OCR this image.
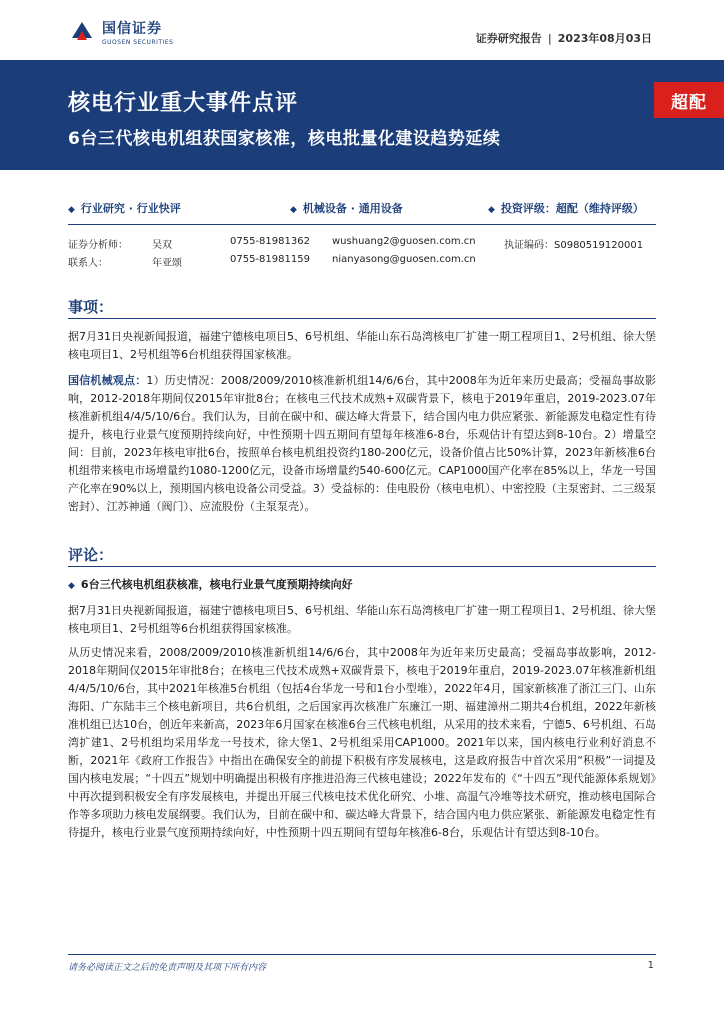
国信证券
GUOSEN SECURITIES	证券研究报告 | 2023年08月03日
核电行业重大事件点评
6台三代核电机组获国家核准，核电批量化建设趋势延续
超配
◆ 行业研究 · 行业快评	◆ 机械设备 · 通用设备	◆ 投资评级：超配（维持评级）
证券分析师： 吴双	0755-81981362 wushuang2@guosen.com.cn	执证编码：S0980519120001
联系人：	年亚颂	0755-81981159 nianyasong@guosen.com.cn
事项：
据7月31日央视新闻报道，福建宁德核电项目5、6号机组、华能山东石岛湾核电厂扩建一期工程项目1、2号机组、徐大堡核电项目1、2号机组等6台机组获得国家核准。
国信机械观点：1）历史情况：2008/2009/2010核准新机组14/6/6台，其中2008年为近年来历史最高；受福岛事故影响，2012-2018年期间仅2015年审批8台；在核电三代技术成熟+双碳背景下，核电于2019年重启，2019-2023.07年核准新机组4/4/5/10/6台。我们认为，目前在碳中和、碳达峰大背景下，结合国内电力供应紧张、新能源发电稳定性有待提升，核电行业景气度预期持续向好，中性预期十四五期间有望每年核准6-8台，乐观估计有望达到8-10台。2）增量空间：目前，2023年核电审批6台，按照单台核电机组投资约180-200亿元，设备价值占比50%计算，2023年新核准6台机组带来核电市场增量约1080-1200亿元，设备市场增量约540-600亿元。CAP1000国产化率在85%以上，华龙一号国产化率在90%以上，预期国内核电设备公司受益。3）受益标的：佳电股份（核电电机）、中密控股（主泵密封、二三级泵密封）、江苏神通（阀门）、应流股份（主泵泵壳）。
评论：
◆ 6台三代核电机组获核准，核电行业景气度预期持续向好
据7月31日央视新闻报道，福建宁德核电项目5、6号机组、华能山东石岛湾核电厂扩建一期工程项目1、2号机组、徐大堡核电项目1、2号机组等6台机组获得国家核准。
从历史情况来看，2008/2009/2010核准新机组14/6/6台，其中2008年为近年来历史最高；受福岛事故影响，2012-2018年期间仅2015年审批8台；在核电三代技术成熟+双碳背景下，核电于2019年重启，2019-2023.07年核准新机组4/4/5/10/6台，其中2021年核准5台机组（包括4台华龙一号和1台小型堆），2022年4月，国家新核准了浙江三门、山东海阳、广东陆丰三个核电新项目，共6台机组，之后国家再次核准广东廉江一期、福建漳州二期共4台机组，2022年新核准机组已达10台，创近年来新高，2023年6月国家在核准6台三代核电机组，从采用的技术来看，宁德5、6号机组、石岛湾扩建1、2号机组均采用华龙一号技术，徐大堡1、2号机组采用CAP1000。2021年以来，国内核电行业利好消息不断，2021年《政府工作报告》中指出在确保安全的前提下积极有序发展核电，这是政府报告中首次采用“积极”一词提及国内核电发展；“十四五”规划中明确提出积极有序推进沿海三代核电建设；2022年发布的《“十四五”现代能源体系规划》中再次提到积极安全有序发展核电，并提出开展三代核电技术优化研究、小堆、高温气冷堆等技术研究，推动核电国际合作等多项助力核电发展纲要。我们认为，目前在碳中和、碳达峰大背景下，结合国内电力供应紧张、新能源发电稳定性有待提升，核电行业景气度预期持续向好，中性预期十四五期间有望每年核准6-8台，乐观估计有望达到8-10台。
请务必阅读正文之后的免责声明及其项下所有内容	1
